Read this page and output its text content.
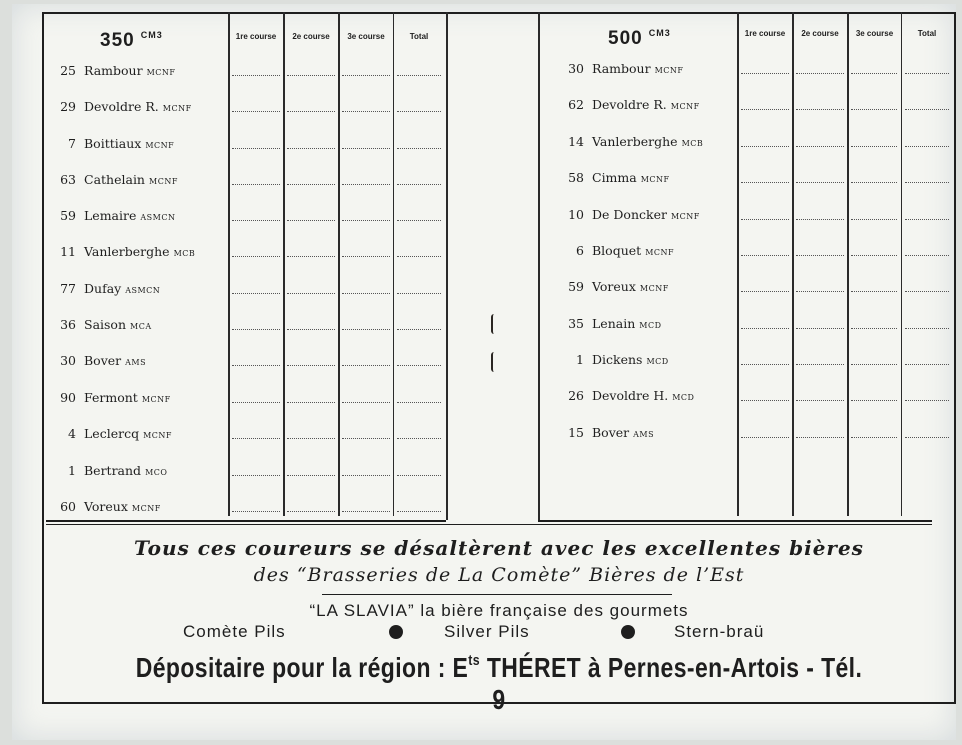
350 $^{CM3}$	1re course	2e course	3e course	Total
25 Rambour MCNF
29 Devoldre R. MCNF
7 Boittiaux MCNF
63 Cathelain MCNF
59 Lemaire ASMCN
11 Vanlerberghe MCB
77 Dufay ASMCN
36 Saison MCA
30 Bover AMS
90 Fermont MCNF
4 Leclercq MCNF
1 Bertrand MCO
60 Voreux MCNF
500 $^{CM3}$	1re course	2e course	3e course	Total
30 Rambour MCNF
62 Devoldre R. MCNF
14 Vanlerberghe MCB
58 Cimma MCNF
10 De Doncker MCNF
6 Bloquet MCNF
59 Voreux MCNF
35 Lenain MCD
1 Dickens MCD
26 Devoldre H. MCD
15 Bover AMS
Tous ces coureurs se désaltèrent avec les excellentes bières
des “Brasseries de La Comète” Bières de l’Est
“LA SLAVIA” la bière française des gourmets
Comète Pils	Silver Pils	Stern-braü
Dépositaire pour la région : $E^{ts}$ THÉRET à Pernes-en-Artois - Tél. 9
